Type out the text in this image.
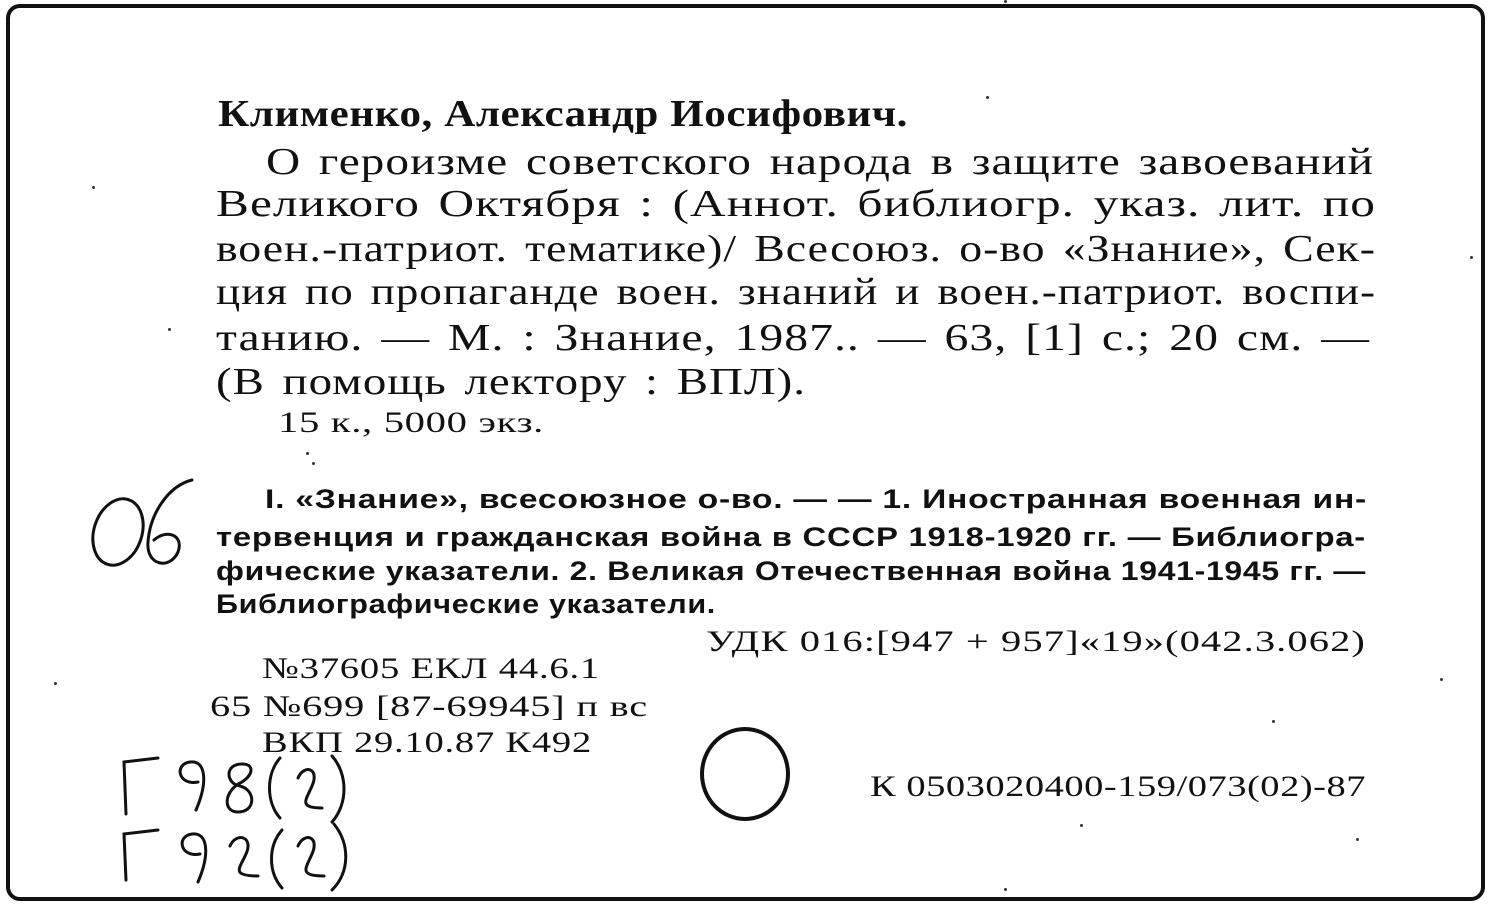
Клименко, Александр Иосифович.
О героизме советского народа в защите завоеваний
Великого Октября : (Аннот. библиогр. указ. лит. по
воен.-патриот. тематике)/ Всесоюз. о-во «Знание», Сек-
ция по пропаганде воен. знаний и воен.-патриот. воспи-
танию. — М. : Знание, 1987.. — 63, [1] с.; 20 см. —
(В помощь лектору : ВПЛ).
15 к., 5000 экз.
I. «Знание», всесоюзное о-во. — — 1. Иностранная военная ин-
тервенция и гражданская война в СССР 1918-1920 гг. — Библиогра-
фические указатели. 2. Великая Отечественная война 1941-1945 гг. —
Библиографические указатели.
УДК 016:[947 + 957]«19»(042.3.062)
№37605 ЕКЛ 44.6.1
65 №699 [87-69945] п вс
ВКП 29.10.87 К492
К 0503020400-159/073(02)-87
